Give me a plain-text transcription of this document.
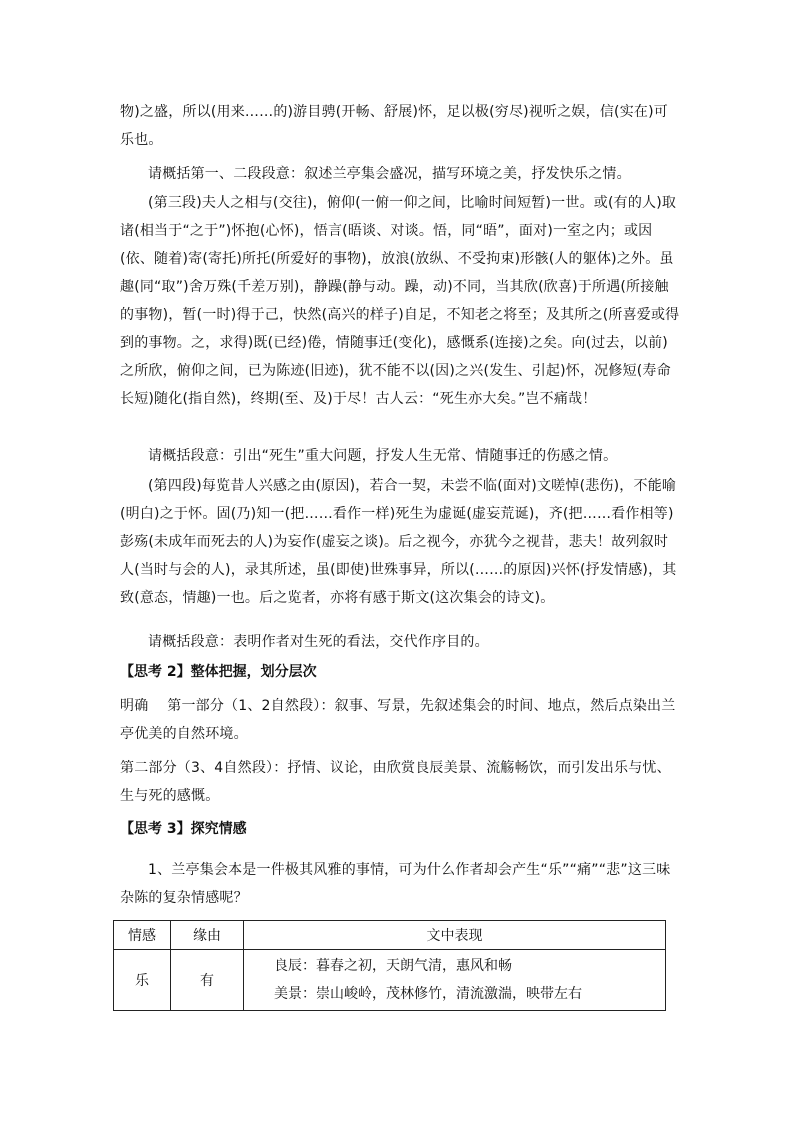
物)之盛，所以(用来……的)游目骋(开畅、舒展)怀，足以极(穷尽)视听之娱，信(实在)可乐也。
请概括第一、二段段意：叙述兰亭集会盛况，描写环境之美，抒发快乐之情。
(第三段)夫人之相与(交往)，俯仰(一俯一仰之间，比喻时间短暂)一世。或(有的人)取诸(相当于“之于”)怀抱(心怀)，悟言(晤谈、对谈。悟，同“晤”，面对)一室之内；或因(依、随着)寄(寄托)所托(所爱好的事物)，放浪(放纵、不受拘束)形骸(人的躯体)之外。虽趣(同“取”)舍万殊(千差万别)，静躁(静与动。躁，动)不同，当其欣(欣喜)于所遇(所接触的事物)，暂(一时)得于己，快然(高兴的样子)自足，不知老之将至；及其所之(所喜爱或得到的事物。之，求得)既(已经)倦，情随事迁(变化)，感慨系(连接)之矣。向(过去，以前)之所欣，俯仰之间，已为陈迹(旧迹)，犹不能不以(因)之兴(发生、引起)怀，况修短(寿命长短)随化(指自然)，终期(至、及)于尽！古人云：“死生亦大矣。”岂不痛哉！
请概括段意：引出“死生”重大问题，抒发人生无常、情随事迁的伤感之情。
(第四段)每览昔人兴感之由(原因)，若合一契，未尝不临(面对)文嗟悼(悲伤)，不能喻(明白)之于怀。固(乃)知一(把……看作一样)死生为虚诞(虚妄荒诞)，齐(把……看作相等)彭殇(未成年而死去的人)为妄作(虚妄之谈)。后之视今，亦犹今之视昔，悲夫！故列叙时人(当时与会的人)，录其所述，虽(即使)世殊事异，所以(……的原因)兴怀(抒发情感)，其致(意态，情趣)一也。后之览者，亦将有感于斯文(这次集会的诗文)。
请概括段意：表明作者对生死的看法，交代作序目的。
【思考 2】整体把握，划分层次
明确　 第一部分（1、2自然段）：叙事、写景，先叙述集会的时间、地点，然后点染出兰亭优美的自然环境。
第二部分（3、4自然段）：抒情、议论，由欣赏良辰美景、流觞畅饮，而引发出乐与忧、生与死的感慨。
【思考 3】探究情感
1、兰亭集会本是一件极其风雅的事情，可为什么作者却会产生“乐”“痛”“悲”这三味杂陈的复杂情感呢？
情感	缘由	文中表现
乐	有	良辰：暮春之初，天朗气清，惠风和畅
美景：崇山峻岭，茂林修竹，清流激湍，映带左右
